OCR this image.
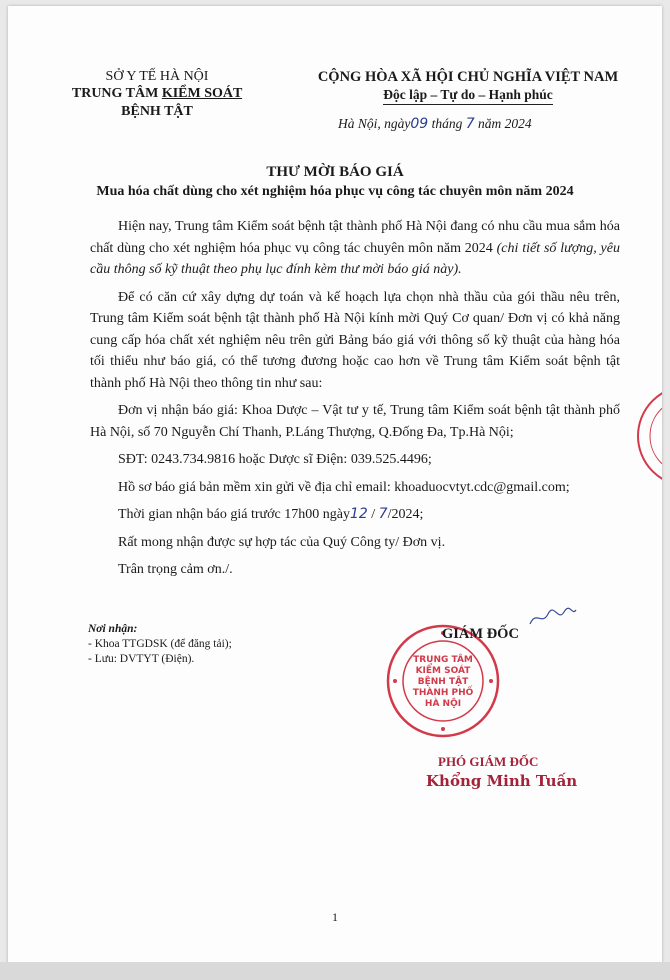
SỞ Y TẾ HÀ NỘI
TRUNG TÂM KIỂM SOÁT BỆNH TẬT
CỘNG HÒA XÃ HỘI CHỦ NGHĨA VIỆT NAM
Độc lập – Tự do – Hạnh phúc
Hà Nội, ngày09 tháng 7 năm 2024
THƯ MỜI BÁO GIÁ
Mua hóa chất dùng cho xét nghiệm hóa phục vụ công tác chuyên môn năm 2024

Hiện nay, Trung tâm Kiểm soát bệnh tật thành phố Hà Nội đang có nhu cầu mua sắm hóa chất dùng cho xét nghiệm hóa phục vụ công tác chuyên môn năm 2024 (chi tiết số lượng, yêu cầu thông số kỹ thuật theo phụ lục đính kèm thư mời báo giá này).

Để có căn cứ xây dựng dự toán và kế hoạch lựa chọn nhà thầu của gói thầu nêu trên, Trung tâm Kiểm soát bệnh tật thành phố Hà Nội kính mời Quý Cơ quan/ Đơn vị có khả năng cung cấp hóa chất xét nghiệm nêu trên gửi Bảng báo giá với thông số kỹ thuật của hàng hóa tối thiểu như báo giá, có thể tương đương hoặc cao hơn về Trung tâm Kiểm soát bệnh tật thành phố Hà Nội theo thông tin như sau:

Đơn vị nhận báo giá: Khoa Dược – Vật tư y tế, Trung tâm Kiểm soát bệnh tật thành phố Hà Nội, số 70 Nguyễn Chí Thanh, P.Láng Thượng, Q.Đống Đa, Tp.Hà Nội;

SĐT: 0243.734.9816 hoặc Dược sĩ Điện: 039.525.4496;

Hồ sơ báo giá bản mềm xin gửi về địa chỉ email: khoaduocvtyt.cdc@gmail.com;

Thời gian nhận báo giá trước 17h00 ngày12 / 7/2024;

Rất mong nhận được sự hợp tác của Quý Công ty/ Đơn vị.

Trân trọng cảm ơn./.

Nơi nhận:
- Khoa TTGDSK (để đăng tải);
- Lưu: DVTYT (Điện).	TRUNG TÂM
KIỂM SOÁT
BỆNH TẬT
THÀNH PHỐ
HÀ NỘI
GIÁM ĐỐC
PHÓ GIÁM ĐỐC
Khổng Minh Tuấn
1
